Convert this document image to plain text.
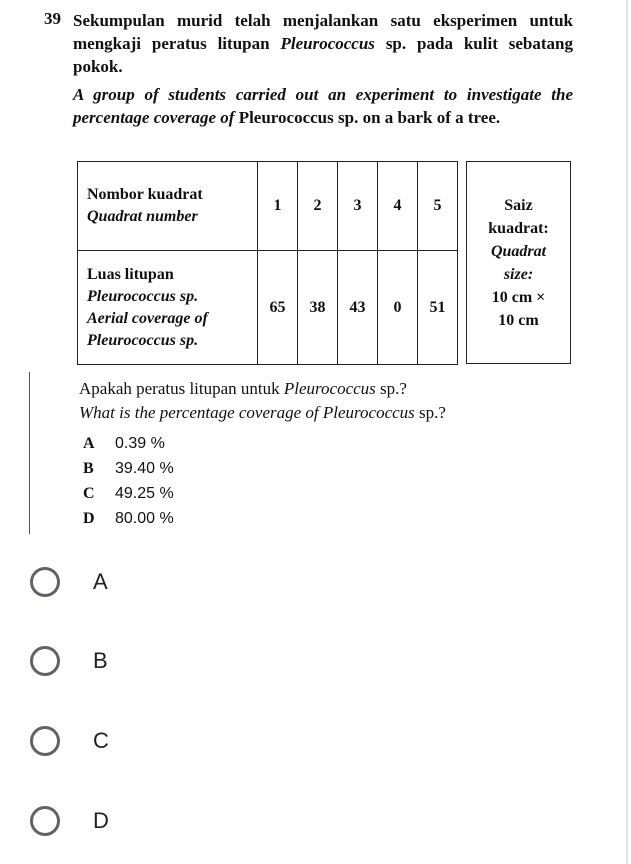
39 Sekumpulan murid telah menjalankan satu eksperimen untuk mengkaji peratus litupan Pleurococcus sp. pada kulit sebatang pokok.
A group of students carried out an experiment to investigate the percentage coverage of Pleurococcus sp. on a bark of a tree.
Nombor kuadrat
Quadrat number	1	2	3	4	5

Luas litupan
Pleurococcus sp.
Aerial coverage of
Pleurococcus sp.	65	38	43	0	51
Saiz
kuadrat:
Quadrat
size:
10 cm ×
10 cm
Apakah peratus litupan untuk Pleurococcus sp.?
What is the percentage coverage of Pleurococcus sp.?
A 0.39 %
B 39.40 %
C 49.25 %
D 80.00 %
A
B
C
D
